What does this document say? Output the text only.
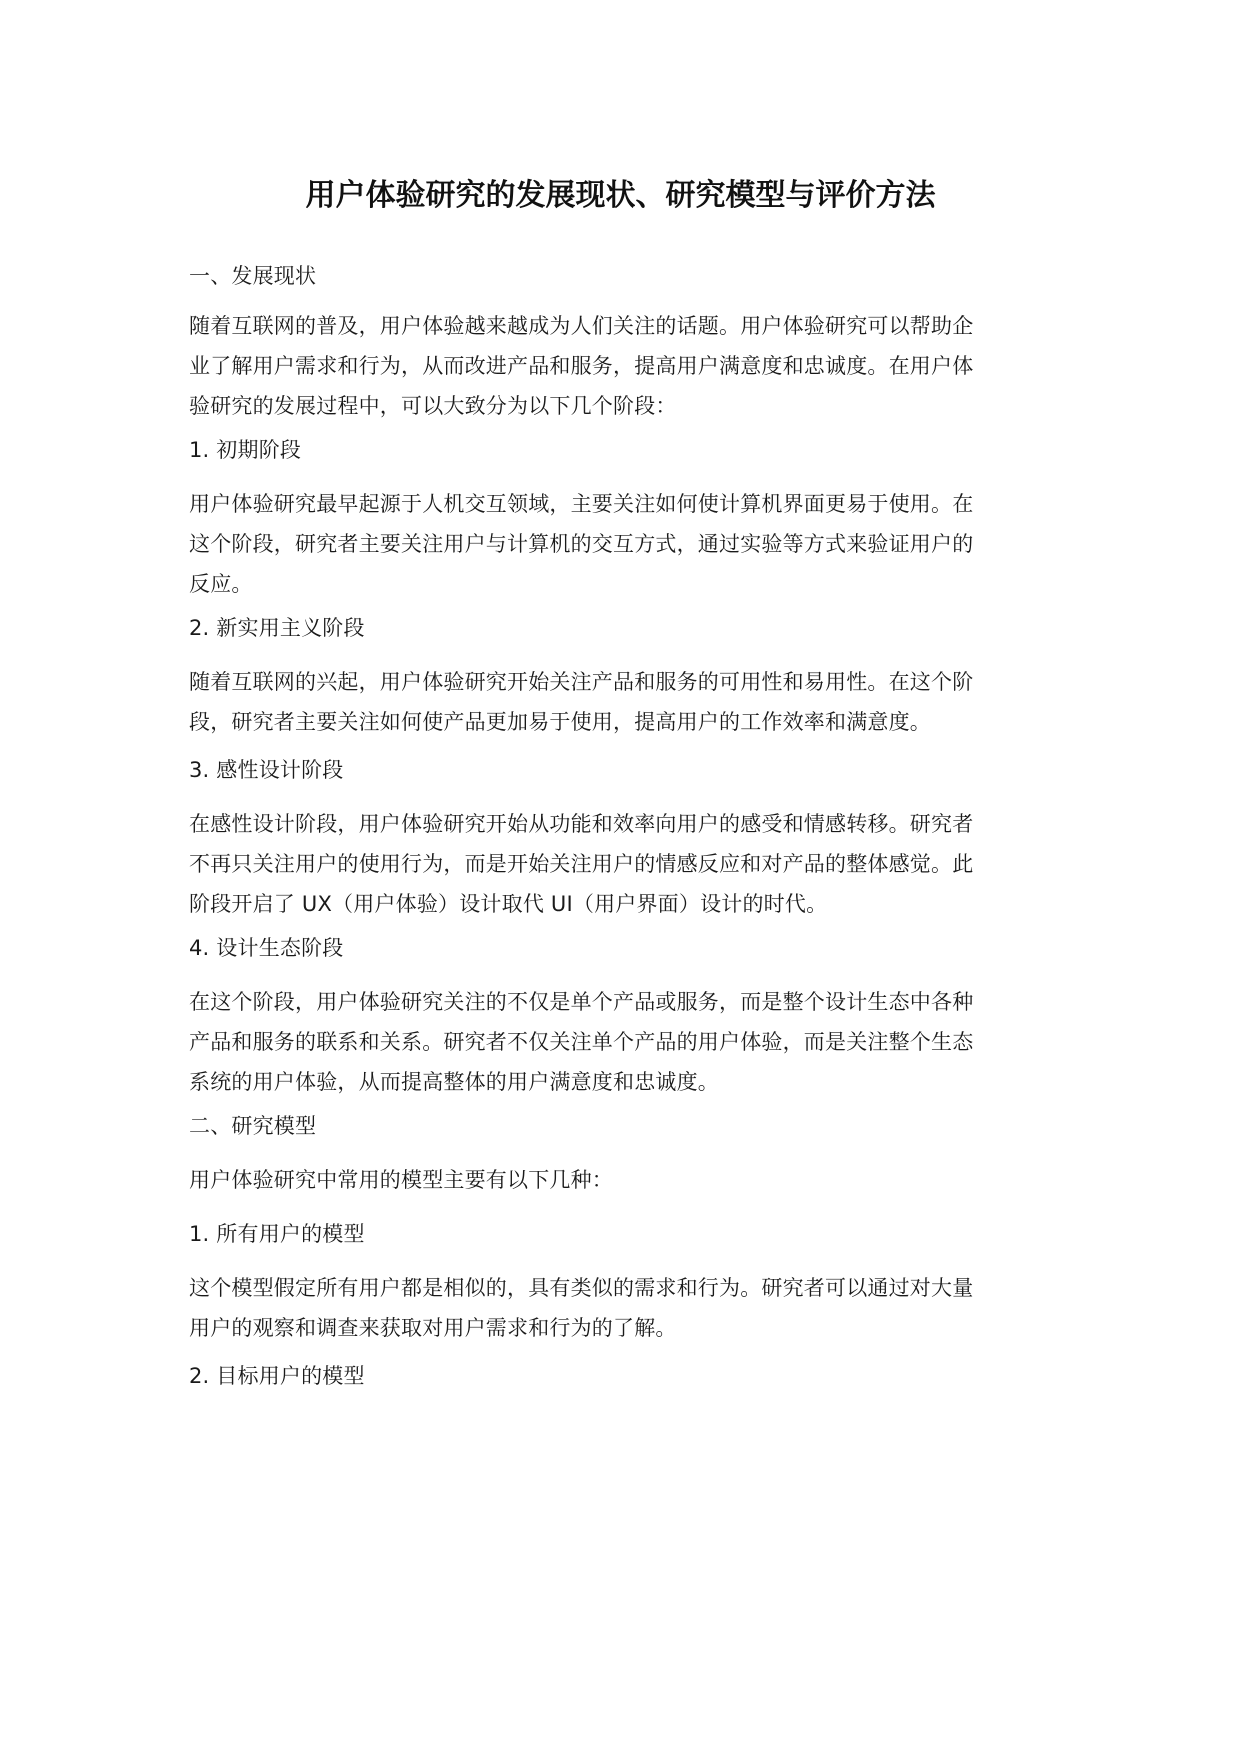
用户体验研究的发展现状、研究模型与评价方法

一、发展现状

随着互联网的普及，用户体验越来越成为人们关注的话题。用户体验研究可以帮助企
业了解用户需求和行为，从而改进产品和服务，提高用户满意度和忠诚度。在用户体
验研究的发展过程中，可以大致分为以下几个阶段：

1. 初期阶段

用户体验研究最早起源于人机交互领域，主要关注如何使计算机界面更易于使用。在
这个阶段，研究者主要关注用户与计算机的交互方式，通过实验等方式来验证用户的
反应。

2. 新实用主义阶段

随着互联网的兴起，用户体验研究开始关注产品和服务的可用性和易用性。在这个阶
段，研究者主要关注如何使产品更加易于使用，提高用户的工作效率和满意度。

3. 感性设计阶段

在感性设计阶段，用户体验研究开始从功能和效率向用户的感受和情感转移。研究者
不再只关注用户的使用行为，而是开始关注用户的情感反应和对产品的整体感觉。此
阶段开启了 UX（用户体验）设计取代 UI（用户界面）设计的时代。

4. 设计生态阶段

在这个阶段，用户体验研究关注的不仅是单个产品或服务，而是整个设计生态中各种
产品和服务的联系和关系。研究者不仅关注单个产品的用户体验，而是关注整个生态
系统的用户体验，从而提高整体的用户满意度和忠诚度。

二、研究模型

用户体验研究中常用的模型主要有以下几种：

1. 所有用户的模型

这个模型假定所有用户都是相似的，具有类似的需求和行为。研究者可以通过对大量
用户的观察和调查来获取对用户需求和行为的了解。

2. 目标用户的模型
